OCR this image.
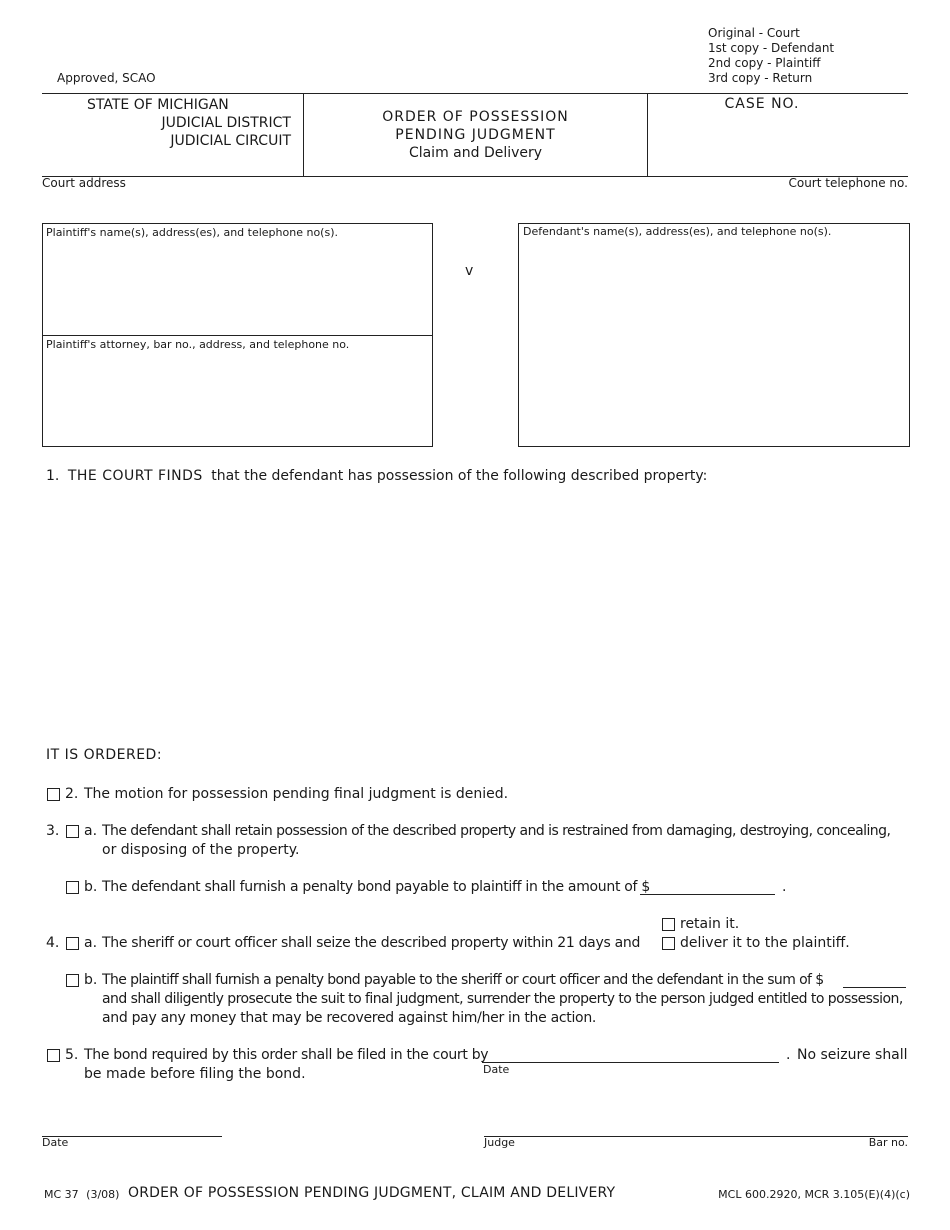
Original - Court
1st copy - Defendant
2nd copy - Plaintiff
3rd copy - Return
Approved, SCAO
STATE OF MICHIGAN
JUDICIAL DISTRICT
JUDICIAL CIRCUIT
ORDER OF POSSESSION
PENDING JUDGMENT
Claim and Delivery
CASE NO.
Court address	Court telephone no.
Plaintiff's name(s), address(es), and telephone no(s).
Plaintiff's attorney, bar no., address, and telephone no.
v
Defendant's name(s), address(es), and telephone no(s).
1. THE COURT FINDS that the defendant has possession of the following described property:
IT IS ORDERED:
2. The motion for possession pending final judgment is denied.
3. a. The defendant shall retain possession of the described property and is restrained from damaging, destroying, concealing,
or disposing of the property.
b. The defendant shall furnish a penalty bond payable to plaintiff in the amount of $	.
retain it.
4. a. The sheriff or court officer shall seize the described property within 21 days and	deliver it to the plaintiff.
b. The plaintiff shall furnish a penalty bond payable to the sheriff or court officer and the defendant in the sum of $
and shall diligently prosecute the suit to final judgment, surrender the property to the person judged entitled to possession,
and pay any money that may be recovered against him/her in the action.
5. The bond required by this order shall be filed in the court by
Date
. No seizure shall
be made before filing the bond.
Date	Judge	Bar no.
MC 37 (3/08) ORDER OF POSSESSION PENDING JUDGMENT, CLAIM AND DELIVERY	MCL 600.2920, MCR 3.105(E)(4)(c)
